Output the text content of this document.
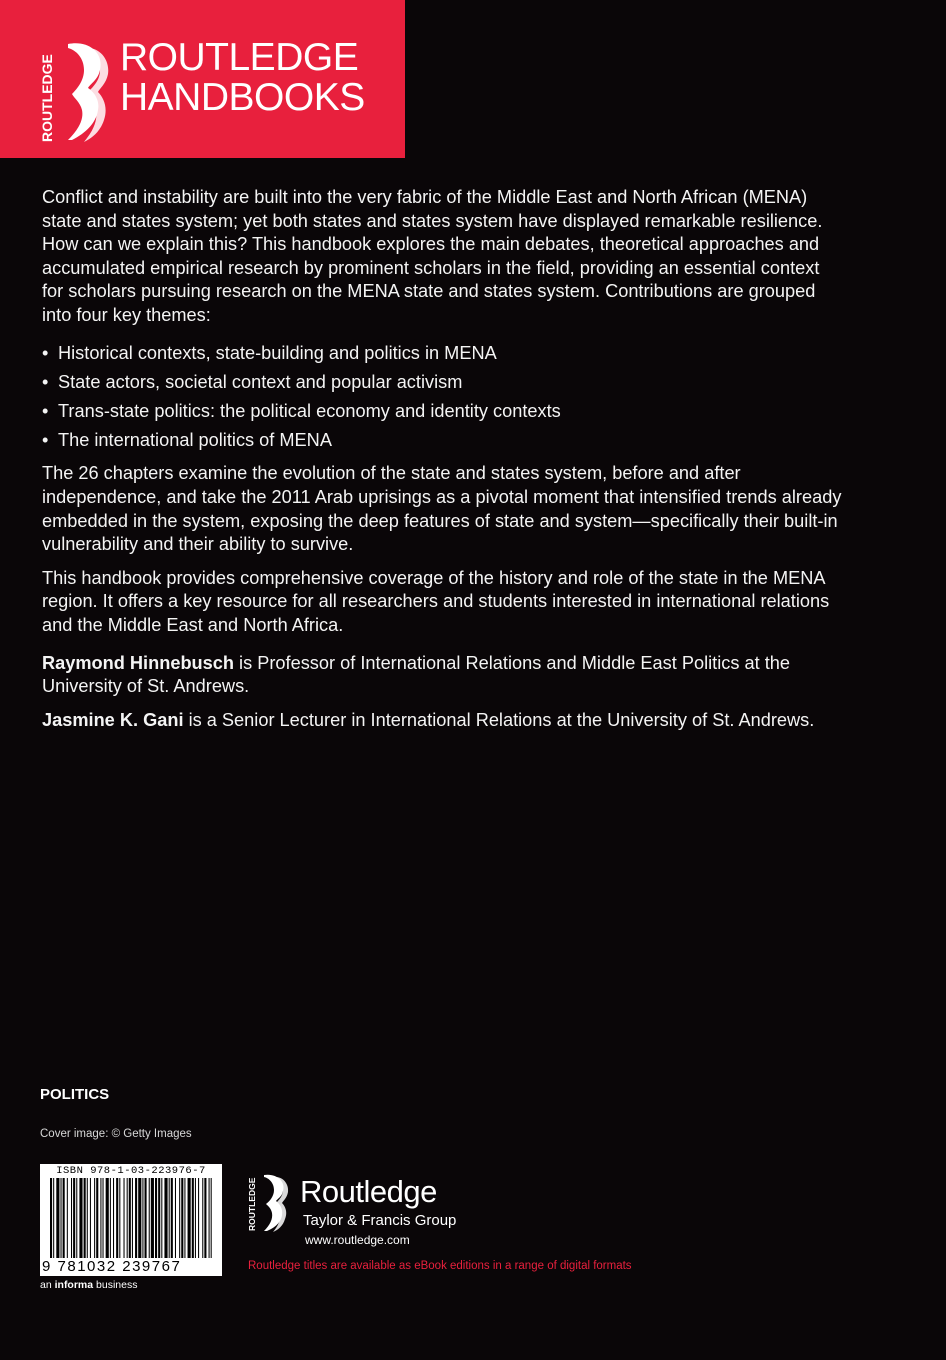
ROUTLEDGE ROUTLEDGE
HANDBOOKS

Conflict and instability are built into the very fabric of the Middle East and North African (MENA) state and states system; yet both states and states system have displayed remarkable resilience. How can we explain this? This handbook explores the main debates, theoretical approaches and accumulated empirical research by prominent scholars in the field, providing an essential context for scholars pursuing research on the MENA state and states system. Contributions are grouped into four key themes:

• Historical contexts, state-building and politics in MENA
• State actors, societal context and popular activism
• Trans-state politics: the political economy and identity contexts
• The international politics of MENA

The 26 chapters examine the evolution of the state and states system, before and after independence, and take the 2011 Arab uprisings as a pivotal moment that intensified trends already embedded in the system, exposing the deep features of state and system—specifically their built-in vulnerability and their ability to survive.

This handbook provides comprehensive coverage of the history and role of the state in the MENA region. It offers a key resource for all researchers and students interested in international relations and the Middle East and North Africa.

Raymond Hinnebusch is Professor of International Relations and Middle East Politics at the University of St. Andrews.

Jasmine K. Gani is a Senior Lecturer in International Relations at the University of St. Andrews.

POLITICS
Cover image: © Getty Images
ISBN 978-1-03-223976-7
9 781032 239767
an informa business
ROUTLEDGE Routledge
Taylor & Francis Group
www.routledge.com
Routledge titles are available as eBook editions in a range of digital formats
